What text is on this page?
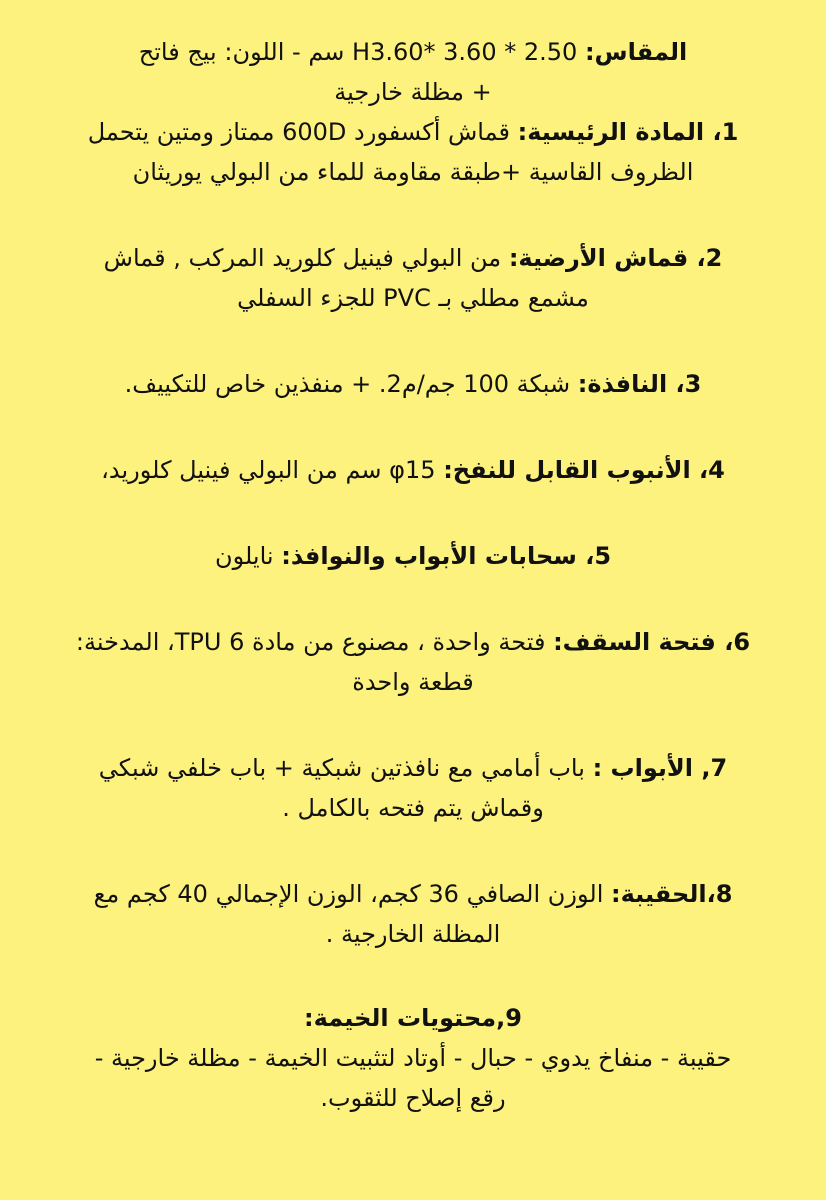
المقاس: 2.50 * 3.60 *H3.60 سم - اللون: بيج فاتح
+ مظلة خارجية
1، المادة الرئيسية: قماش أكسفورد 600D ممتاز ومتين يتحمل
الظروف القاسية +طبقة مقاومة للماء من البولي يوريثان
2، قماش الأرضية: من البولي فينيل كلوريد المركب , قماش
مشمع مطلي بـ PVC للجزء السفلي
3، النافذة: شبكة 100 جم/م2. + منفذين خاص للتكييف.
4، الأنبوب القابل للنفخ: φ15 سم من البولي فينيل كلوريد،
5، سحابات الأبواب والنوافذ: نايلون
6، فتحة السقف: فتحة واحدة ، مصنوع من مادة TPU 6، المدخنة:
قطعة واحدة
7, الأبواب : باب أمامي مع نافذتين شبكية + باب خلفي شبكي
وقماش يتم فتحه بالكامل .
8،الحقيبة: الوزن الصافي 36 كجم، الوزن الإجمالي 40 كجم مع
المظلة الخارجية .
9,محتويات الخيمة:
حقيبة - منفاخ يدوي - حبال - أوتاد لتثبيت الخيمة - مظلة خارجية -
رقع إصلاح للثقوب.
